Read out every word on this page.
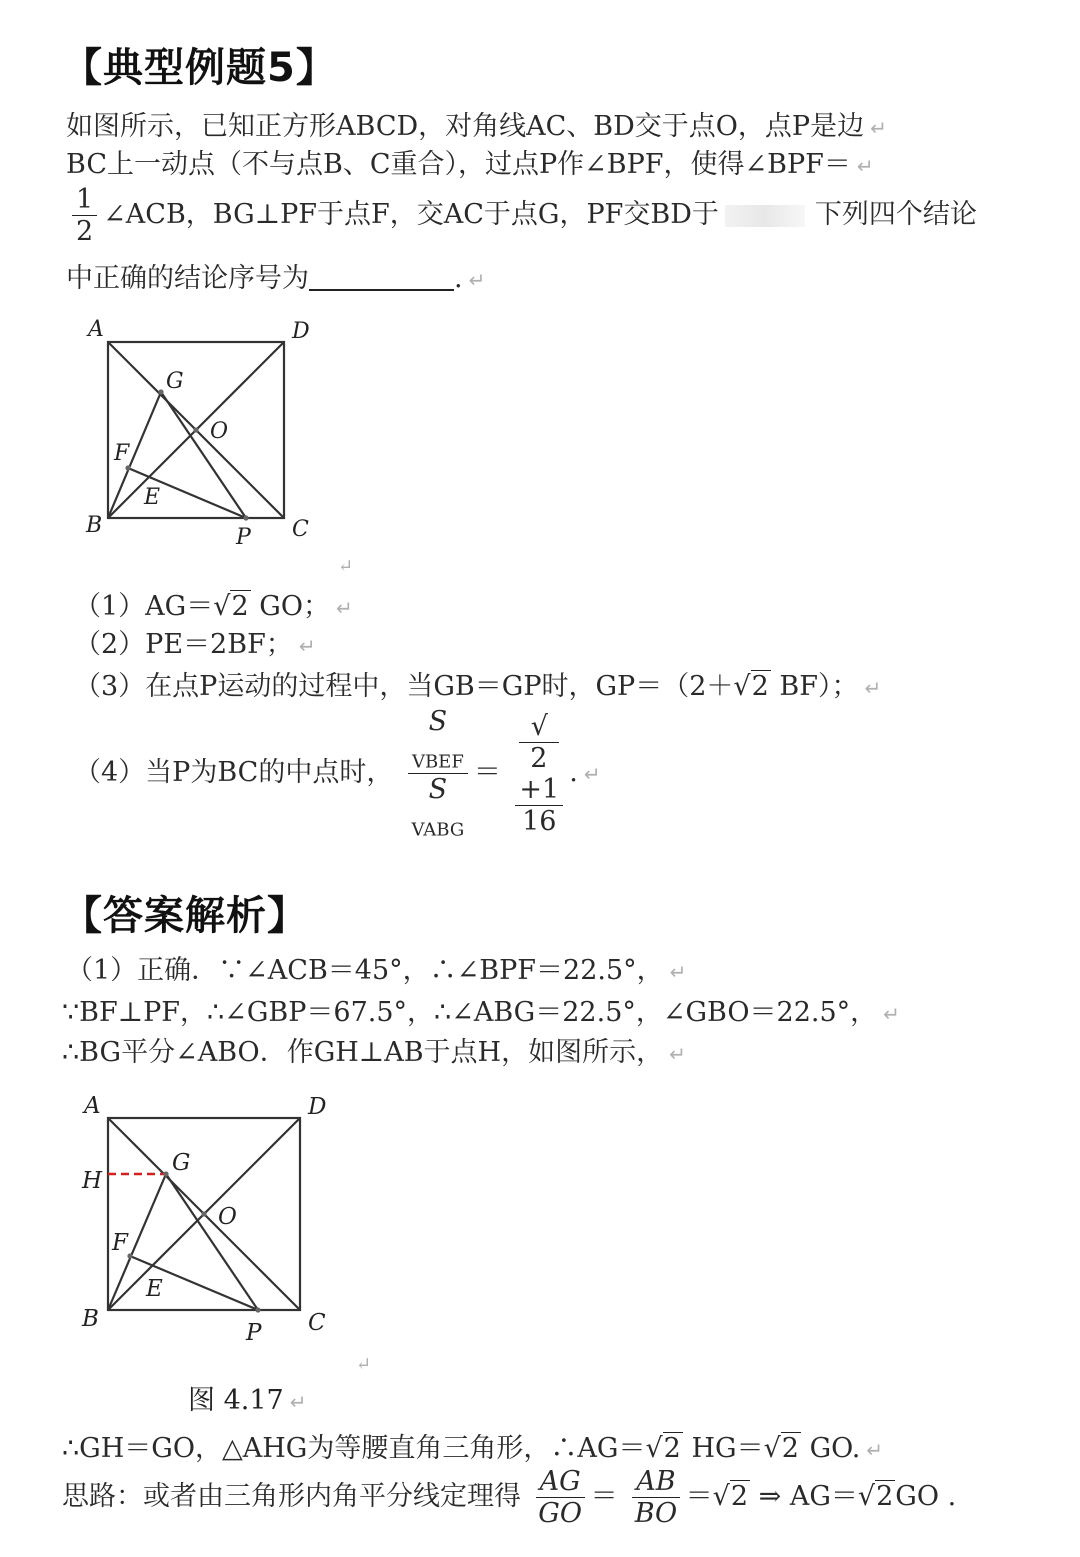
【典型例题5】
如图所示，已知正方形ABCD，对角线AC、BD交于点O，点P是边 ↵
BC上一动点（不与点B、C重合），过点P作∠BPF，使得∠BPF＝ ↵
$\frac{1}{2}$ ∠ACB，BG⊥PF于点F，交AC于点G，PF交BD于	下列四个结论
中正确的结论序号为	. ↵
A	D
G
O
F
E
B	P C
↵
（1）AG＝√2 GO； ↵
（2）PE＝2BF； ↵
（3）在点P运动的过程中，当GB＝GP时，GP＝（2＋√2 BF）； ↵
（4）当P为BC的中点时， S
$_{VBEF}$
S
$_{VABG}$ ＝ √
2
+1
16 . ↵
【答案解析】
（1）正确．∵∠ACB＝45°，∴∠BPF＝22.5°， ↵
∵BF⊥PF，∴∠GBP＝67.5°，∴∠ABG＝22.5°，∠GBO＝22.5°， ↵
∴BG平分∠ABO．作GH⊥AB于点H，如图所示， ↵
A	D
H
G
O
F
E
B
P C
↵
图 4.17 ↵
∴GH＝GO，△AHG为等腰直角三角形，∴AG＝√2 HG＝√2 GO. ↵
思路：或者由三角形内角平分线定理得 $\frac{AG}{GO} = \frac{AB}{BO} =√2$ ⇒ AG＝√2GO .
